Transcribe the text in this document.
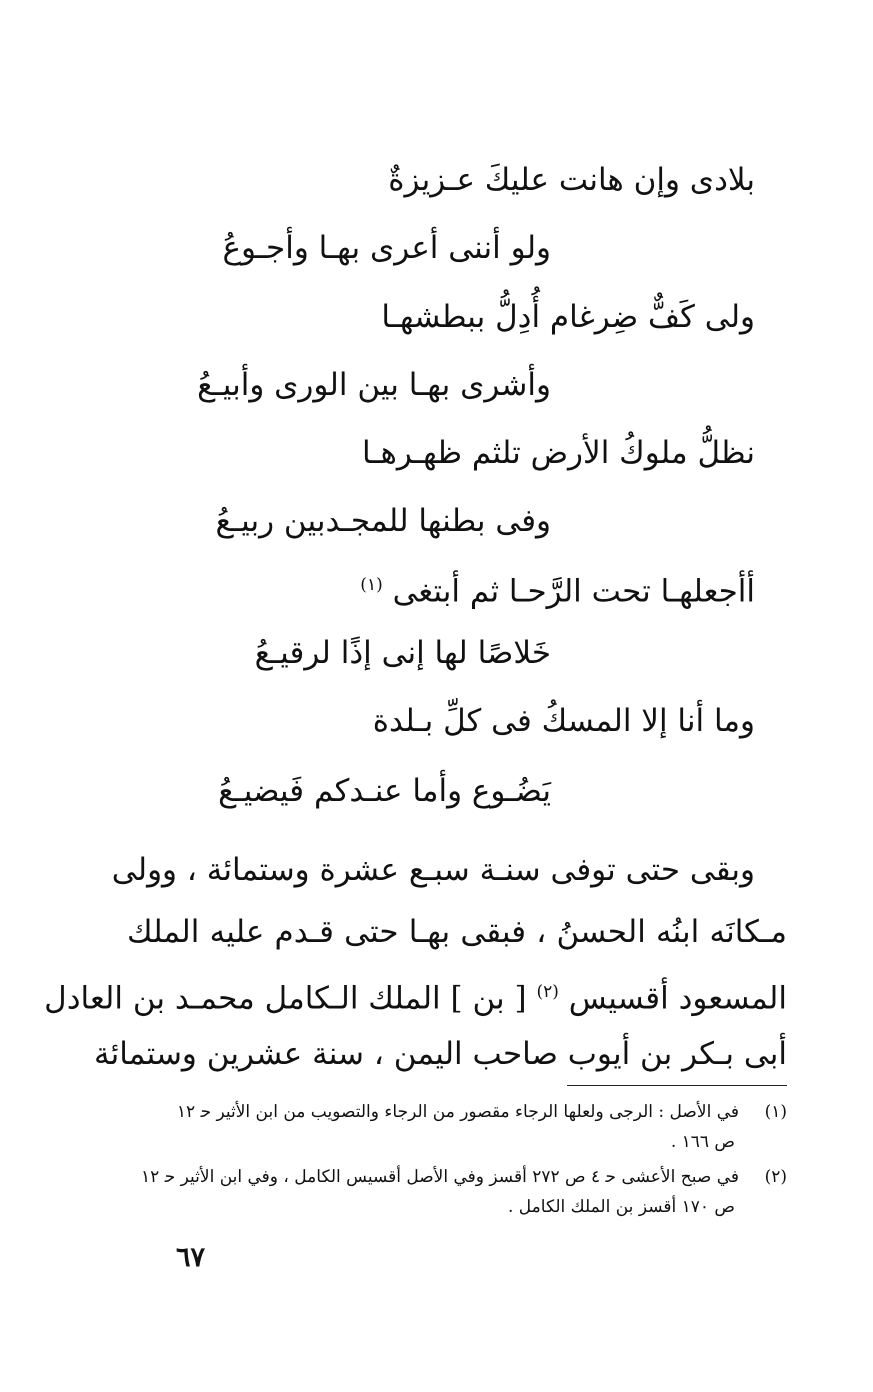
بلادى وإن هانت عليكَ عـزيزةٌ
ولو أننى أعرى بهـا وأجـوعُ
ولى كَفٌّ ضِرغام أُدِلُّ ببطشهـا
وأشرى بهـا بين الورى وأبيـعُ
نظلُّ ملوكُ الأرض تلثم ظهـرهـا
وفى بطنها للمجـدبين ربيـعُ
أأجعلهـا تحت الرَّحـا ثم أبتغى $^{(١)}$
خَلاصًا لها إنى إذًا لرقيـعُ
وما أنا إلا المسكُ فى كلِّ بـلدة
يَضُـوع وأما عنـدكم فَيضيـعُ
وبقى حتى توفى سنـة سبـع عشرة وستمائة ، وولى
مـكانَه ابنُه الحسنُ ، فبقى بهـا حتى قـدم عليه الملك
المسعود أقسيس $^{(٢)}$ [ بن ] الملك الـكامل محمـد بن العادل
أبى بـكر بن أيوب صاحب اليمن ، سنة عشرين وستمائة
(١)في الأصل : الرجى ولعلها الرجاء مقصور من الرجاء والتصويب من ابن الأثير ﺣ ١٢
ص ١٦٦ .
(٢)في صبح الأعشى ﺣ ٤ ص ٢٧٢ أقسز وفي الأصل أقسيس الكامل ، وفي ابن الأثير ﺣ ١٢
ص ١٧٠ أقسز بن الملك الكامل .
٦٧
